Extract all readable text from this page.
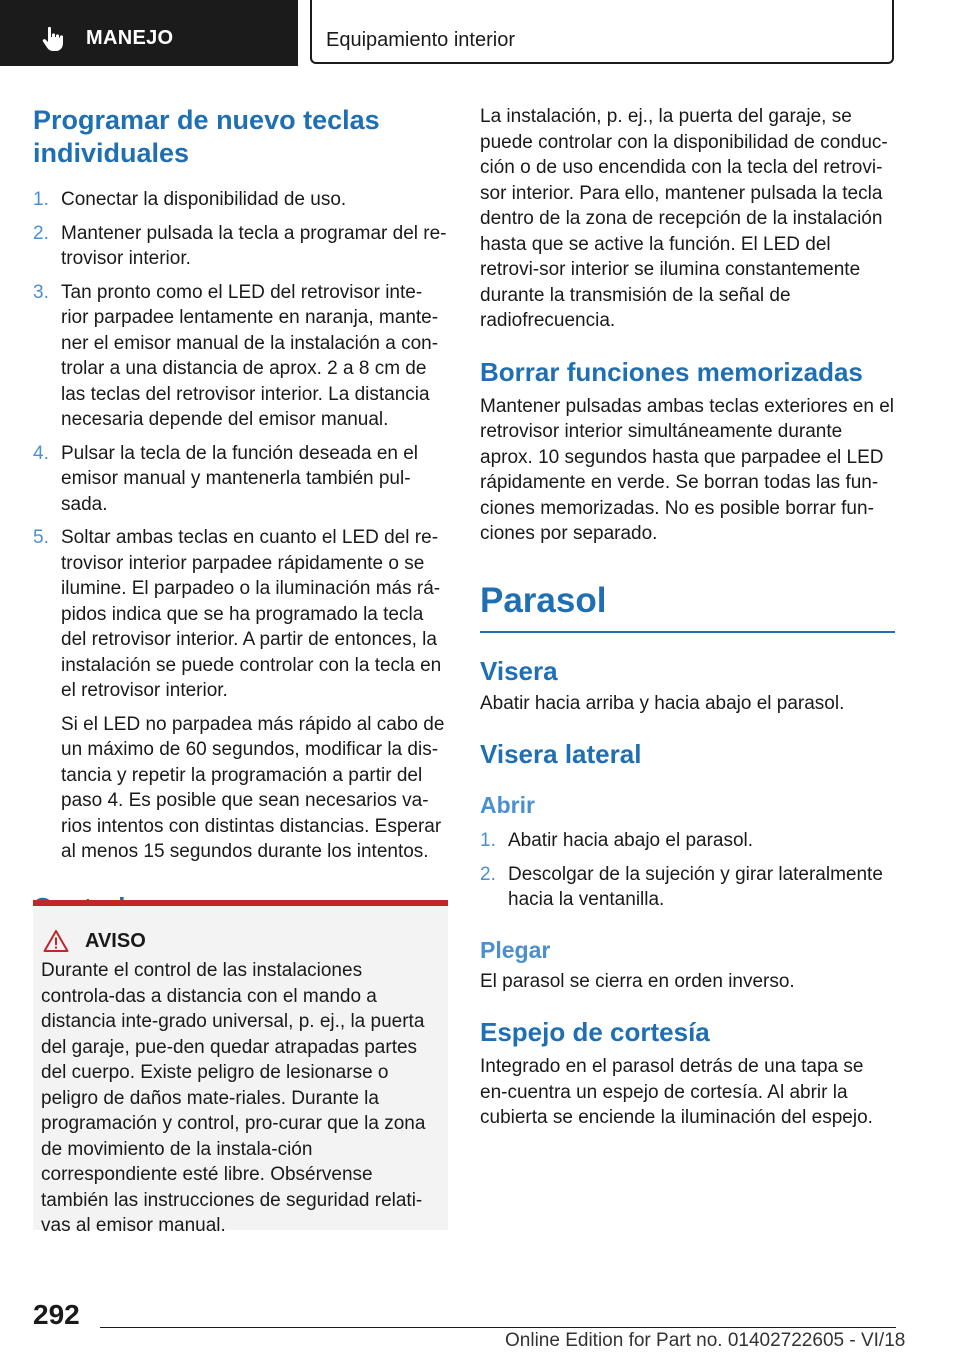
MANEJO	Equipamiento interior
Programar de nuevo teclas individuales
1. Conectar la disponibilidad de uso.
2. Mantener pulsada la tecla a programar del re-trovisor interior.
3. Tan pronto como el LED del retrovisor inte-rior parpadee lentamente en naranja, mante-ner el emisor manual de la instalación a con-trolar a una distancia de aprox. 2 a 8 cm de las teclas del retrovisor interior. La distancia necesaria depende del emisor manual.
4. Pulsar la tecla de la función deseada en el emisor manual y mantenerla también pul-sada.
5. Soltar ambas teclas en cuanto el LED del re-trovisor interior parpadee rápidamente o se ilumine. El parpadeo o la iluminación más rá-pidos indica que se ha programado la tecla del retrovisor interior. A partir de entonces, la instalación se puede controlar con la tecla en el retrovisor interior.

Si el LED no parpadea más rápido al cabo de un máximo de 60 segundos, modificar la dis-tancia y repetir la programación a partir del paso 4. Es posible que sean necesarios va-rios intentos con distintas distancias. Esperar al menos 15 segundos durante los intentos.

AVISO

Durante el control de las instalaciones controla-das a distancia con el mando a distancia inte-grado universal, p. ej., la puerta del garaje, pue-den quedar atrapadas partes del cuerpo. Existe peligro de lesionarse o peligro de daños mate-riales. Durante la programación y control, pro-curar que la zona de movimiento de la instala-ción correspondiente esté libre. Obsérvense también las instrucciones de seguridad relati-vas al emisor manual.

La instalación, p. ej., la puerta del garaje, se puede controlar con la disponibilidad de conduc-ción o de uso encendida con la tecla del retrovi-sor interior. Para ello, mantener pulsada la tecla dentro de la zona de recepción de la instalación hasta que se active la función. El LED del retrovi-sor interior se ilumina constantemente durante la transmisión de la señal de radiofrecuencia.

Borrar funciones memorizadas

Mantener pulsadas ambas teclas exteriores en el retrovisor interior simultáneamente durante aprox. 10 segundos hasta que parpadee el LED rápidamente en verde. Se borran todas las fun-ciones memorizadas. No es posible borrar fun-ciones por separado.

Parasol
Visera

Abatir hacia arriba y hacia abajo el parasol.

Visera lateral
Abrir
1. Abatir hacia abajo el parasol.
2. Descolgar de la sujeción y girar lateralmente hacia la ventanilla.
Plegar

El parasol se cierra en orden inverso.

Espejo de cortesía

Integrado en el parasol detrás de una tapa se en-cuentra un espejo de cortesía. Al abrir la cubierta se enciende la iluminación del espejo.

292
Online Edition for Part no. 01402722605 - VI/18
